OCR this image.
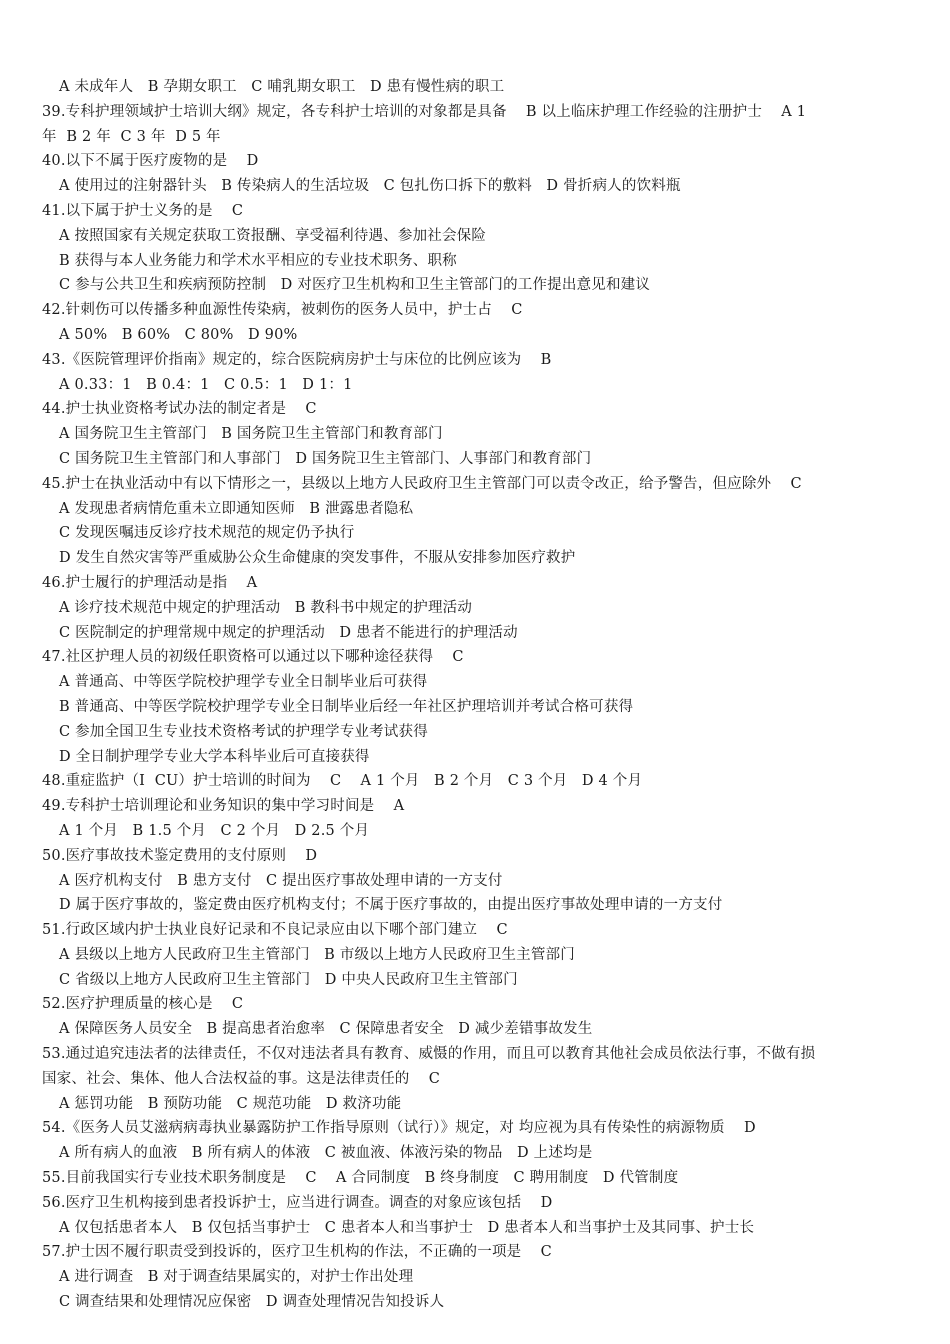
A 未成年人   B 孕期女职工   C 哺乳期女职工   D 患有慢性病的职工
39.专科护理领域护士培训大纲》规定，各专科护士培训的对象都是具备    B 以上临床护理工作经验的注册护士    A 1
年  B 2 年  C 3 年  D 5 年
40.以下不属于医疗废物的是    D
A 使用过的注射器针头   B 传染病人的生活垃圾   C 包扎伤口拆下的敷料   D 骨折病人的饮料瓶
41.以下属于护士义务的是    C
A 按照国家有关规定获取工资报酬、享受福利待遇、参加社会保险
B 获得与本人业务能力和学术水平相应的专业技术职务、职称
C 参与公共卫生和疾病预防控制   D 对医疗卫生机构和卫生主管部门的工作提出意见和建议
42.针刺伤可以传播多种血源性传染病，被刺伤的医务人员中，护士占    C
A 50%   B 60%   C 80%   D 90%
43.《医院管理评价指南》规定的，综合医院病房护士与床位的比例应该为    B
A 0.33：1   B 0.4：1   C 0.5：1   D 1：1
44.护士执业资格考试办法的制定者是    C
A 国务院卫生主管部门   B 国务院卫生主管部门和教育部门
C 国务院卫生主管部门和人事部门   D 国务院卫生主管部门、人事部门和教育部门
45.护士在执业活动中有以下情形之一，县级以上地方人民政府卫生主管部门可以责令改正，给予警告，但应除外    C
A 发现患者病情危重未立即通知医师   B 泄露患者隐私
C 发现医嘱违反诊疗技术规范的规定仍予执行
D 发生自然灾害等严重威胁公众生命健康的突发事件，不服从安排参加医疗救护
46.护士履行的护理活动是指    A
A 诊疗技术规范中规定的护理活动   B 教科书中规定的护理活动
C 医院制定的护理常规中规定的护理活动   D 患者不能进行的护理活动
47.社区护理人员的初级任职资格可以通过以下哪种途径获得    C
A 普通高、中等医学院校护理学专业全日制毕业后可获得
B 普通高、中等医学院校护理学专业全日制毕业后经一年社区护理培训并考试合格可获得
C 参加全国卫生专业技术资格考试的护理学专业考试获得
D 全日制护理学专业大学本科毕业后可直接获得
48.重症监护（I  CU）护士培训的时间为    C    A 1 个月   B 2 个月   C 3 个月   D 4 个月
49.专科护士培训理论和业务知识的集中学习时间是    A
A 1 个月   B 1.5 个月   C 2 个月   D 2.5 个月
50.医疗事故技术鉴定费用的支付原则    D
A 医疗机构支付   B 患方支付   C 提出医疗事故处理申请的一方支付
D 属于医疗事故的，鉴定费由医疗机构支付；不属于医疗事故的，由提出医疗事故处理申请的一方支付
51.行政区域内护士执业良好记录和不良记录应由以下哪个部门建立    C
A 县级以上地方人民政府卫生主管部门   B 市级以上地方人民政府卫生主管部门
C 省级以上地方人民政府卫生主管部门   D 中央人民政府卫生主管部门
52.医疗护理质量的核心是    C
A 保障医务人员安全   B 提高患者治愈率   C 保障患者安全   D 减少差错事故发生
53.通过追究违法者的法律责任，不仅对违法者具有教育、威慑的作用，而且可以教育其他社会成员依法行事，不做有损
国家、社会、集体、他人合法权益的事。这是法律责任的    C
A 惩罚功能   B 预防功能   C 规范功能   D 救济功能
54.《医务人员艾滋病病毒执业暴露防护工作指导原则（试行）》规定，对 均应视为具有传染性的病源物质    D
A 所有病人的血液   B 所有病人的体液   C 被血液、体液污染的物品   D 上述均是
55.目前我国实行专业技术职务制度是    C    A 合同制度   B 终身制度   C 聘用制度   D 代管制度
56.医疗卫生机构接到患者投诉护士，应当进行调查。调查的对象应该包括    D
A 仅包括患者本人   B 仅包括当事护士   C 患者本人和当事护士   D 患者本人和当事护士及其同事、护士长
57.护士因不履行职责受到投诉的，医疗卫生机构的作法，不正确的一项是    C
A 进行调查   B 对于调查结果属实的，对护士作出处理
C 调查结果和处理情况应保密   D 调查处理情况告知投诉人
